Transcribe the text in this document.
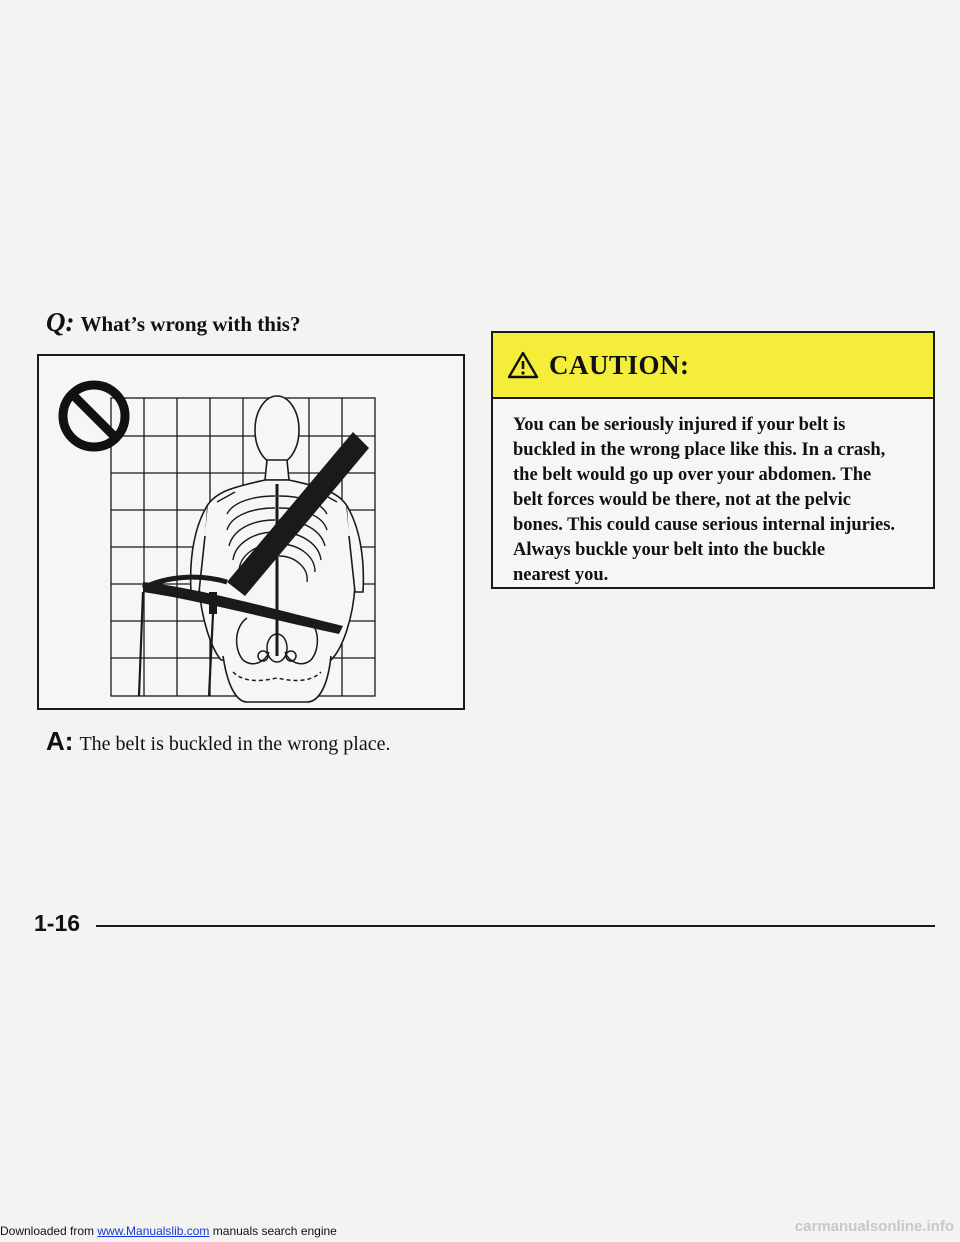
Q: What’s wrong with this?
A: The belt is buckled in the wrong place.
CAUTION:
You can be seriously injured if your belt is
buckled in the wrong place like this. In a crash,
the belt would go up over your abdomen. The
belt forces would be there, not at the pelvic
bones. This could cause serious internal injuries.
Always buckle your belt into the buckle
nearest you.
1-16
Downloaded from www.Manualslib.com manuals search engine	carmanualsonline.info
